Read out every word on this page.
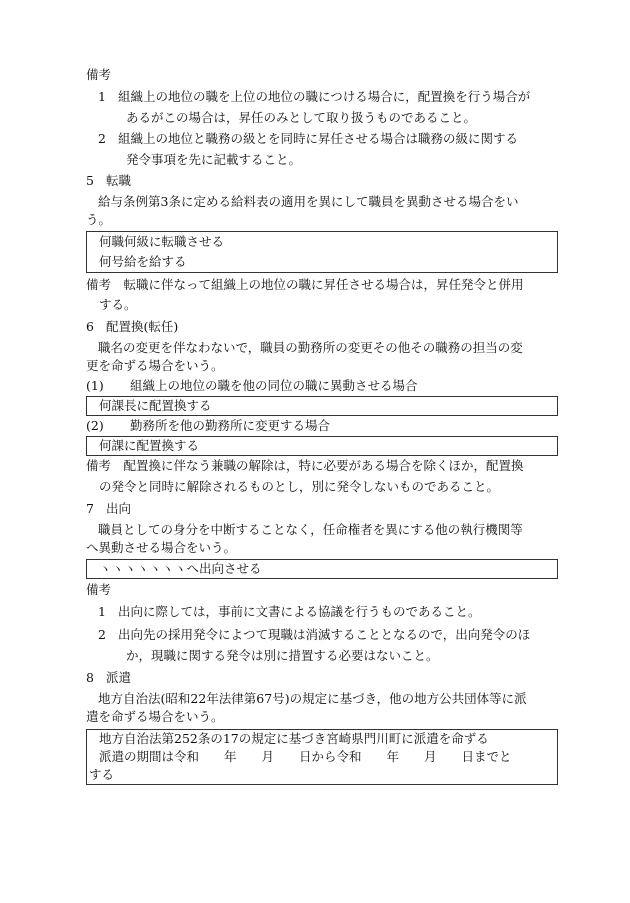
備考
1 組織上の地位の職を上位の地位の職につける場合に，配置換を行う場合が
あるがこの場合は，昇任のみとして取り扱うものであること。
2 組織上の地位と職務の級とを同時に昇任させる場合は職務の級に関する
発令事項を先に記載すること。
5 転職
給与条例第3条に定める給料表の適用を異にして職員を異動させる場合をい
う。
何職何級に転職させる
何号給を給する
備考　転職に伴なって組織上の地位の職に昇任させる場合は，昇任発令と併用
する。
6 配置換(転任)
職名の変更を伴なわないで，職員の勤務所の変更その他その職務の担当の変
更を命ずる場合をいう。
(1) 組織上の地位の職を他の同位の職に異動させる場合
何課長に配置換する
(2) 勤務所を他の勤務所に変更する場合
何課に配置換する
備考　配置換に伴なう兼職の解除は，特に必要がある場合を除くほか，配置換
の発令と同時に解除されるものとし，別に発令しないものであること。
7 出向
職員としての身分を中断することなく，任命権者を異にする他の執行機関等
へ異動させる場合をいう。
ヽヽヽヽヽヽヽへ出向させる
備考
1 出向に際しては，事前に文書による協議を行うものであること。
2 出向先の採用発令によつて現職は消滅することとなるので，出向発令のほ
か，現職に関する発令は別に措置する必要はないこと。
8 派遣
地方自治法(昭和22年法律第67号)の規定に基づき，他の地方公共団体等に派
遣を命ずる場合をいう。
地方自治法第252条の17の規定に基づき宮崎県門川町に派遣を命ずる
派遣の期間は令和　　年　　月　　日から令和　　年　　月　　日までと
する
